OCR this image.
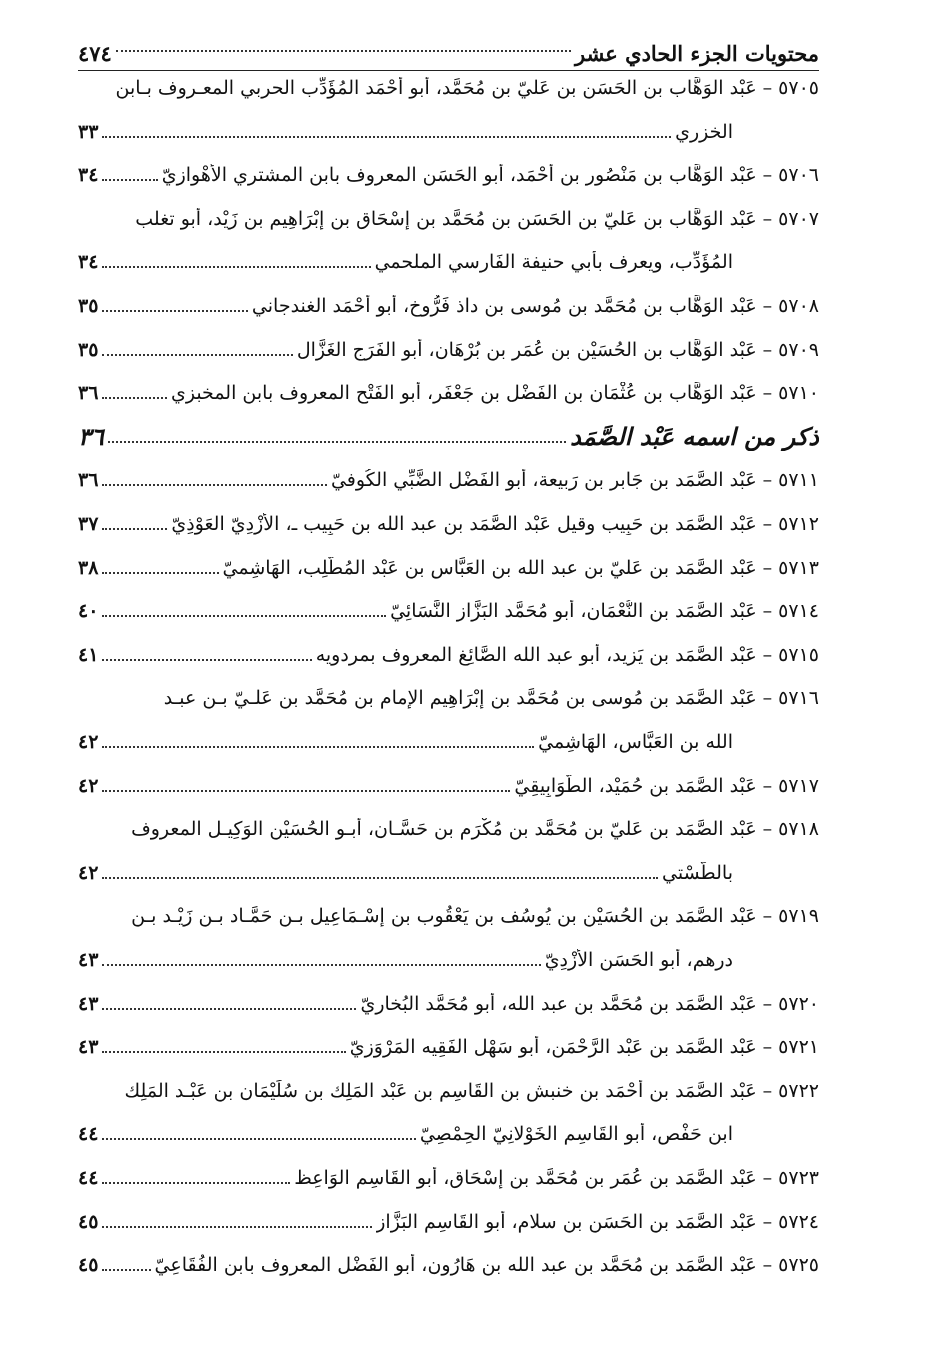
محتويات الجزء الحادي عشر
٤٧٤
٥٧٠٥
–
عَبْد الوَهَّاب بن الحَسَن بن عَليّ بن مُحَمَّد، أبو أَحْمَد المُؤَدِّب الحربي المعـروف بـابن
الخزري
٣٣
٥٧٠٦
–
عَبْد الوَهَّاب بن مَنْصُور بن أَحْمَد، أبو الحَسَن المعروف بابن المشتري الأَهْوازيّ
٣٤
٥٧٠٧
–
عَبْد الوَهَّاب بن عَليّ بن الحَسَن بن مُحَمَّد بن إِسْحَاق بن إِبْرَاهِيم بن زَيْد، أبو تغلب
المُؤَدِّب، ويعرف بأبي حنيفة الفَارِسي الملحمي
٣٤
٥٧٠٨
–
عَبْد الوَهَّاب بن مُحَمَّد بن مُوسى بن داذ فَرُّوخ، أبو أَحْمَد الغندجاني
٣٥
٥٧٠٩
–
عَبْد الوَهَّاب بن الحُسَيْن بن عُمَر بن بُرْهَان، أبو الفَرَج الغَزَّال
٣٥
٥٧١٠
–
عَبْد الوَهَّاب بن عُثْمَان بن الفَضْل بن جَعْفَر، أَبو الفَتْح المعروف بابن المخبزي
٣٦
ذكر من اسمه عَبْد الصَّمَد
٣٦
٥٧١١
–
عَبْد الصَّمَد بن جَابر بن رَبيعة، أبو الفَضْل الضَّبِّي الكُوفيّ
٣٦
٥٧١٢
–
عَبْد الصَّمَد بن حَبِيب وقيل عَبْد الصَّمَد بن عبد الله بن حَبِيب ـ، الأَزْدِيّ العَوْذِيّ
٣٧
٥٧١٣
–
عَبْد الصَّمَد بن عَليّ بن عبد الله بن العَبَّاس بن عَبْد المُطَّلِب، الهَاشِميّ
٣٨
٥٧١٤
–
عَبْد الصَّمَد بن النُّعْمَان، أبو مُحَمَّد البَزَّاز النَّسَائِيّ
٤٠
٥٧١٥
–
عَبْد الصَّمَد بن يَزِيد، أبو عبد الله الصَّائِغ المعروف بمردويه
٤١
٥٧١٦
–
عَبْد الصَّمَد بن مُوسى بن مُحَمَّد بن إِبْرَاهِيم الإِمام بن مُحَمَّد بن عَلـيّ بـن عبـد
الله بن العَبَّاس، الهَاشِميّ
٤٢
٥٧١٧
–
عَبْد الصَّمَد بن حُمَيْد، الطَّوَابِيقِيّ
٤٢
٥٧١٨
–
عَبْد الصَّمَد بن عَليّ بن مُحَمَّد بن مُكْرَم بن حَسَّـان، أبـو الحُسَيْن الوَكِيـل المعروف
بالطَّسْتي
٤٢
٥٧١٩
–
عَبْد الصَّمَد بن الحُسَيْن بن يُوسُف بن يَعْقُوب بن إِسْـمَاعِيل بـن حَمَّـاد بـن زَيْـد بـن
درهم، أبو الحَسَن الأَزْدِيّ
٤٣
٥٧٢٠
–
عَبْد الصَّمَد بن مُحَمَّد بن عبد الله، أبو مُحَمَّد البُخاريّ
٤٣
٥٧٢١
–
عَبْد الصَّمَد بن عَبْد الرَّحْمَن، أبو سَهْل الفَقِيه المَرْوَزِيّ
٤٣
٥٧٢٢
–
عَبْد الصَّمَد بن أَحْمَد بن خنبش بن القَاسِم بن عَبْد المَلِك بن سُلَيْمَان بن عَبْـد المَلِك
ابن حَفْص، أبو القَاسِم الخَوْلانِيّ الحِمْصِيّ
٤٤
٥٧٢٣
–
عَبْد الصَّمَد بن عُمَر بن مُحَمَّد بن إِسْحَاق، أبو القَاسِم الوَاعِظ
٤٤
٥٧٢٤
–
عَبْد الصَّمَد بن الحَسَن بن سلام، أبو القَاسِم البَزَّاز
٤٥
٥٧٢٥
–
عَبْد الصَّمَد بن مُحَمَّد بن عبد الله بن هَارُون، أبو الفَضْل المعروف بابن الفُقَاعِيّ
٤٥
